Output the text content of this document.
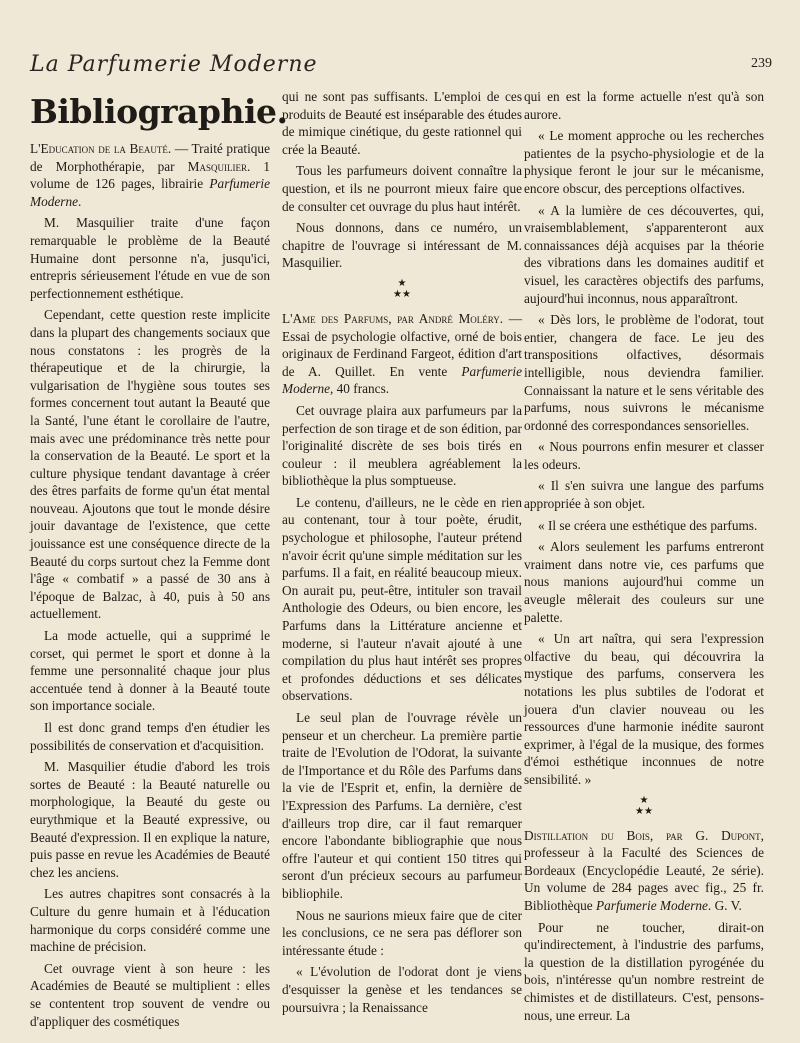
La Parfumerie Moderne	239
Bibliographie.

L'Education de la Beauté. — Traité pratique de Morphothérapie, par Masquilier. 1 volume de 126 pages, librairie Parfumerie Moderne.

M. Masquilier traite d'une façon remarquable le problème de la Beauté Humaine dont personne n'a, jusqu'ici, entrepris sérieusement l'étude en vue de son perfectionnement esthétique.

Cependant, cette question reste implicite dans la plupart des changements sociaux que nous constatons : les progrès de la thérapeutique et de la chirurgie, la vulgarisation de l'hygiène sous toutes ses formes concernent tout autant la Beauté que la Santé, l'une étant le corollaire de l'autre, mais avec une prédominance très nette pour la conservation de la Beauté. Le sport et la culture physique tendant davantage à créer des êtres parfaits de forme qu'un état mental nouveau. Ajoutons que tout le monde désire jouir davantage de l'existence, que cette jouissance est une conséquence directe de la Beauté du corps surtout chez la Femme dont l'âge « combatif » a passé de 30 ans à l'époque de Balzac, à 40, puis à 50 ans actuellement.

La mode actuelle, qui a supprimé le corset, qui permet le sport et donne à la femme une personnalité chaque jour plus accentuée tend à donner à la Beauté toute son importance sociale.

Il est donc grand temps d'en étudier les possibilités de conservation et d'acquisition.

M. Masquilier étudie d'abord les trois sortes de Beauté : la Beauté naturelle ou morphologique, la Beauté du geste ou eurythmique et la Beauté expressive, ou Beauté d'expression. Il en explique la nature, puis passe en revue les Académies de Beauté chez les anciens.

Les autres chapitres sont consacrés à la Culture du genre humain et à l'éducation harmonique du corps considéré comme une machine de précision.

Cet ouvrage vient à son heure : les Académies de Beauté se multiplient : elles se contentent trop souvent de vendre ou d'appliquer des cosmétiques

qui ne sont pas suffisants. L'emploi de ces produits de Beauté est inséparable des études de mimique cinétique, du geste rationnel qui crée la Beauté.

Tous les parfumeurs doivent connaître la question, et ils ne pourront mieux faire que de consulter cet ouvrage du plus haut intérêt.

Nous donnons, dans ce numéro, un chapitre de l'ouvrage si intéressant de M. Masquilier.

★
★★

L'Ame des Parfums, par André Moléry. — Essai de psychologie olfactive, orné de bois originaux de Ferdinand Fargeot, édition d'art de A. Quillet. En vente Parfumerie Moderne, 40 francs.

Cet ouvrage plaira aux parfumeurs par la perfection de son tirage et de son édition, par l'originalité discrète de ses bois tirés en couleur : il meublera agréablement la bibliothèque la plus somptueuse.

Le contenu, d'ailleurs, ne le cède en rien au contenant, tour à tour poète, érudit, psychologue et philosophe, l'auteur prétend n'avoir écrit qu'une simple méditation sur les parfums. Il a fait, en réalité beaucoup mieux. On aurait pu, peut-être, intituler son travail Anthologie des Odeurs, ou bien encore, les Parfums dans la Littérature ancienne et moderne, si l'auteur n'avait ajouté à une compilation du plus haut intérêt ses propres et profondes déductions et ses délicates observations.

Le seul plan de l'ouvrage révèle un penseur et un chercheur. La première partie traite de l'Evolution de l'Odorat, la suivante de l'Importance et du Rôle des Parfums dans la vie de l'Esprit et, enfin, la dernière de l'Expression des Parfums. La dernière, c'est d'ailleurs trop dire, car il faut remarquer encore l'abondante bibliographie que nous offre l'auteur et qui contient 150 titres qui seront d'un précieux secours au parfumeur bibliophile.

Nous ne saurions mieux faire que de citer les conclusions, ce ne sera pas déflorer son intéressante étude :

« L'évolution de l'odorat dont je viens d'esquisser la genèse et les tendances se poursuivra ; la Renaissance

qui en est la forme actuelle n'est qu'à son aurore.

« Le moment approche ou les recherches patientes de la psycho-physiologie et de la physique feront le jour sur le mécanisme, encore obscur, des perceptions olfactives.

« A la lumière de ces découvertes, qui, vraisemblablement, s'apparenteront aux connaissances déjà acquises par la théorie des vibrations dans les domaines auditif et visuel, les caractères objectifs des parfums, aujourd'hui inconnus, nous apparaîtront.

« Dès lors, le problème de l'odorat, tout entier, changera de face. Le jeu des transpositions olfactives, désormais intelligible, nous deviendra familier. Connaissant la nature et le sens véritable des parfums, nous suivrons le mécanisme ordonné des correspondances sensorielles.

« Nous pourrons enfin mesurer et classer les odeurs.

« Il s'en suivra une langue des parfums appropriée à son objet.

« Il se créera une esthétique des parfums.

« Alors seulement les parfums entreront vraiment dans notre vie, ces parfums que nous manions aujourd'hui comme un aveugle mêlerait des couleurs sur une palette.

« Un art naîtra, qui sera l'expression olfactive du beau, qui découvrira la mystique des parfums, conservera les notations les plus subtiles de l'odorat et jouera d'un clavier nouveau ou les ressources d'une harmonie inédite sauront exprimer, à l'égal de la musique, des formes d'émoi esthétique inconnues de notre sensibilité. »

★
★★

Distillation du Bois, par G. Dupont, professeur à la Faculté des Sciences de Bordeaux (Encyclopédie Leauté, 2e série). Un volume de 284 pages avec fig., 25 fr. Bibliothèque Parfumerie Moderne. G. V.

Pour ne toucher, dirait-on qu'indirectement, à l'industrie des parfums, la question de la distillation pyrogénée du bois, n'intéresse qu'un nombre restreint de chimistes et de distillateurs. C'est, pensons-nous, une erreur. La
